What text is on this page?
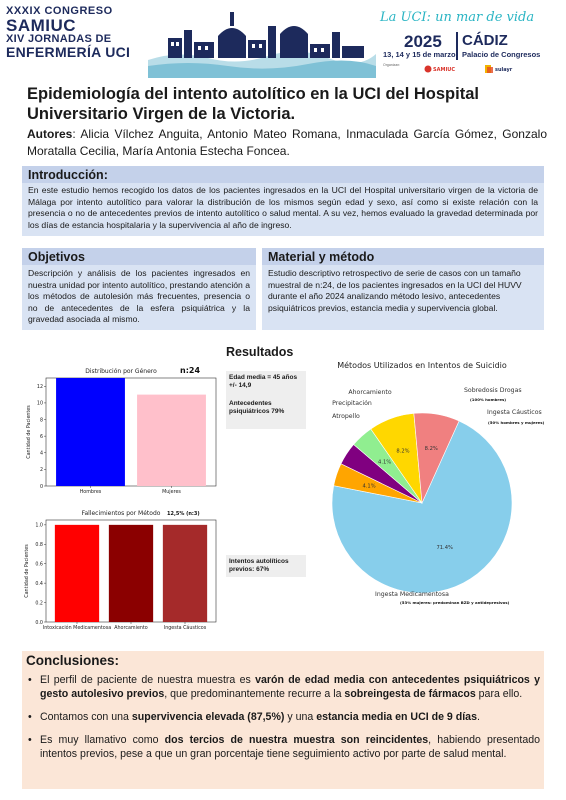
XXXIX CONGRESO
SAMIUC
XIV JORNADAS DE
ENFERMERÍA UCI
La UCI: un mar de vida
2025
13, 14 y 15 de marzo
CÁDIZ
Palacio de Congresos
Organizan:
SAMIUC	sulayr
Epidemiología del intento autolítico en la UCI del Hospital Universitario Virgen de la Victoria.
Autores: Alicia Vílchez Anguita, Antonio Mateo Romana, Inmaculada García Gómez, Gonzalo Moratalla Cecilia, María Antonia Estecha Foncea.
Introducción:
En este estudio hemos recogido los datos de los pacientes ingresados en la UCI del Hospital universitario virgen de la victoria de Málaga por intento autolítico para valorar la distribución de los mismos según edad y sexo, así como si existe relación con la presencia o no de antecedentes previos de intento autolítico o salud mental. A su vez, hemos evaluado la gravedad determinada por los días de estancia hospitalaria y la supervivencia al año de ingreso.
Objetivos
Descripción y análisis de los pacientes ingresados en nuestra unidad por intento autolítico, prestando atención a los métodos de autolesión más frecuentes, presencia o no de antecedentes de la esfera psiquiátrica y la gravedad asociada al mismo.
Material y método
Estudio descriptivo retrospectivo de serie de casos con un tamaño muestral de n:24, de los pacientes ingresados en la UCI del HUVV durante el año 2024 analizando método lesivo, antecedentes psiquiátricos previos, estancia media y supervivencia global.
Resultados
Distribución por Género	n:24
0
2
4
6
8
10
12
Hombres	Mujeres
Cantidad de Pacientes

Edad media = 45 años +/- 14,9

Antecedentes psiquiátricos 79%

Fallecimientos por Método 12,5% (n:3)
0.0
0.2
0.4
0.6
0.8
1.0
Intoxicación Medicamentosa Ahorcamiento	Ingesta Cáusticos
Cantidad de Pacientes	Intentos autolíticos previos: 67%
Métodos Utilizados en Intentos de Suicidio
71.4%
Ingesta Medicamentosa
(53% mujeres: predominan BZD y antidepresivos)
4.1%
Atropello
Precipitación
4.1%
Ahorcamiento
8.2%
Sobredosis Drogas
(100% hombres)
8.2%
Ingesta Cáusticos
(50% hombres y mujeres)
Conclusiones:
• El perfil de paciente de nuestra muestra es varón de edad media con antecedentes psiquiátricos y gesto autolesivo previos, que predominantemente recurre a la sobreingesta de fármacos para ello.
• Contamos con una supervivencia elevada (87,5%) y una estancia media en UCI de 9 días.
• Es muy llamativo como dos tercios de nuestra muestra son reincidentes, habiendo presentado intentos previos, pese a que un gran porcentaje tiene seguimiento activo por parte de salud mental.
